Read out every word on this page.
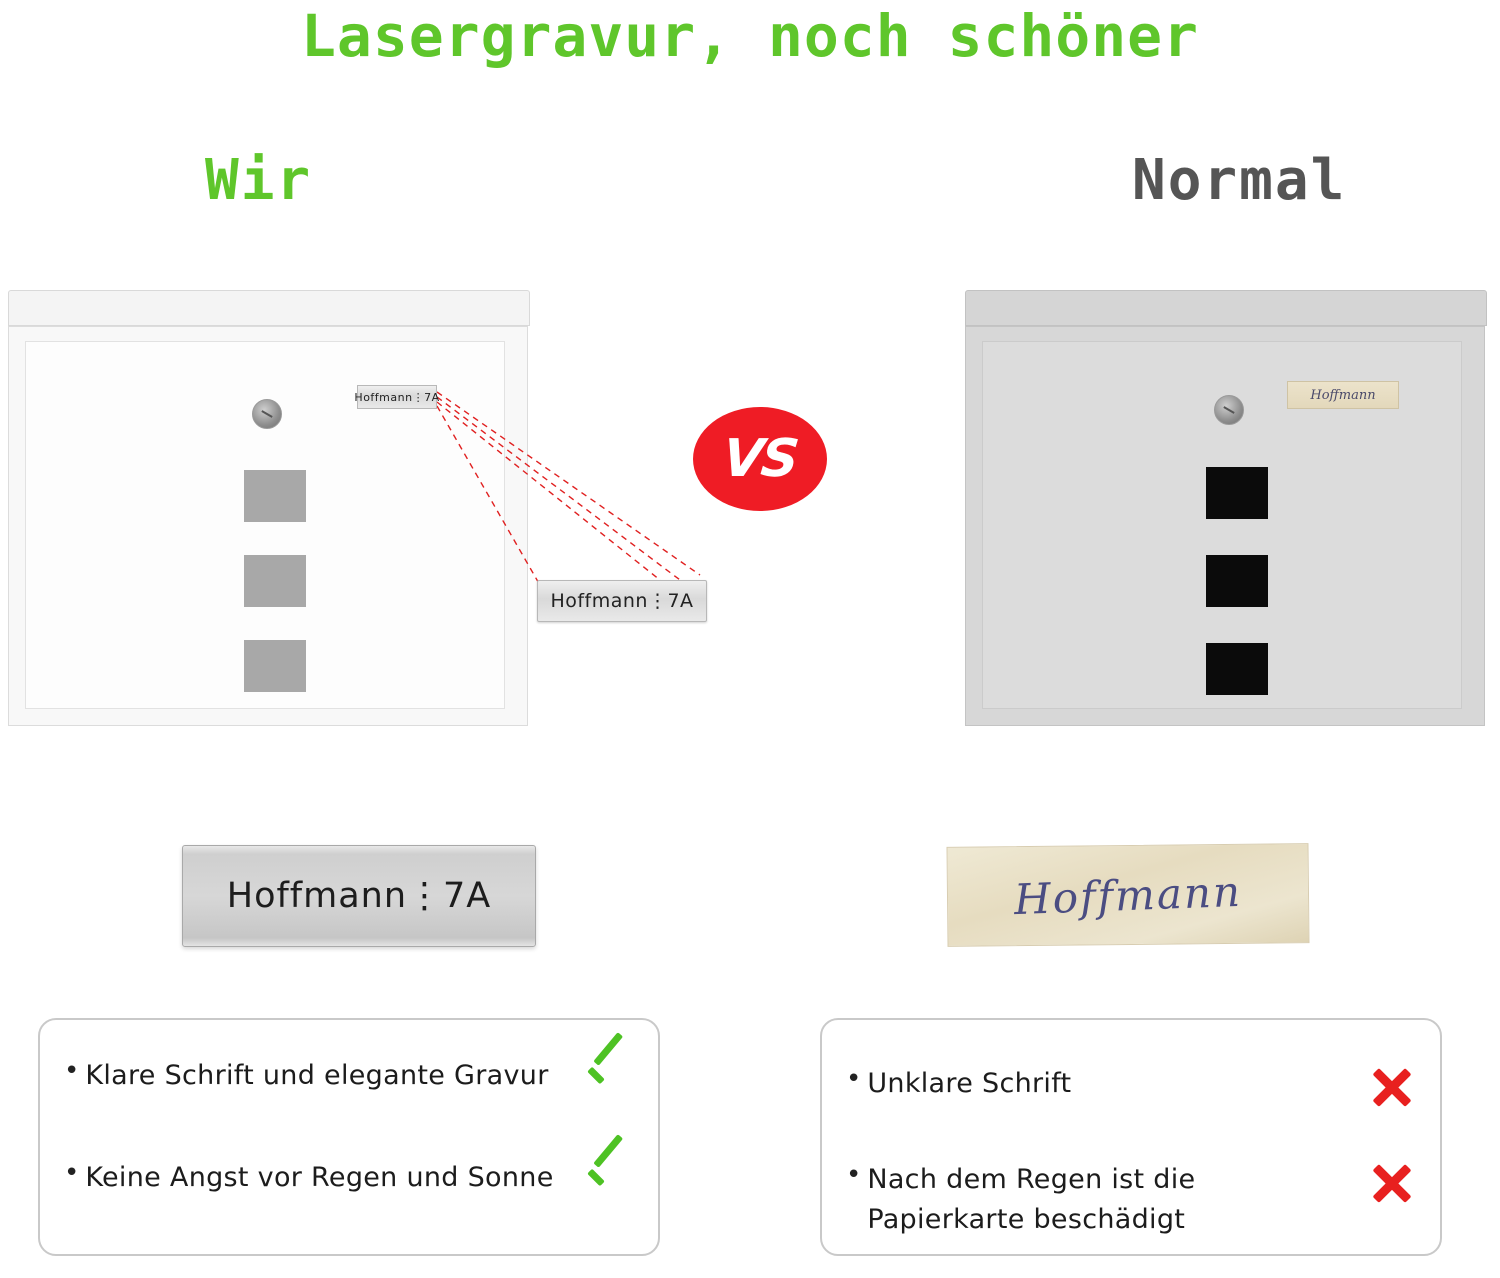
Lasergravur, noch schöner
Wir	Normal
Hoffmann⋮7A
Hoffmann⋮7A
Hoffmann
VS
Hoffmann⋮7A	Hoffmann
• Klare Schrift und elegante Gravur
• Keine Angst vor Regen und Sonne
• Unklare Schrift
• Nach dem Regen ist die Papierkarte beschädigt
